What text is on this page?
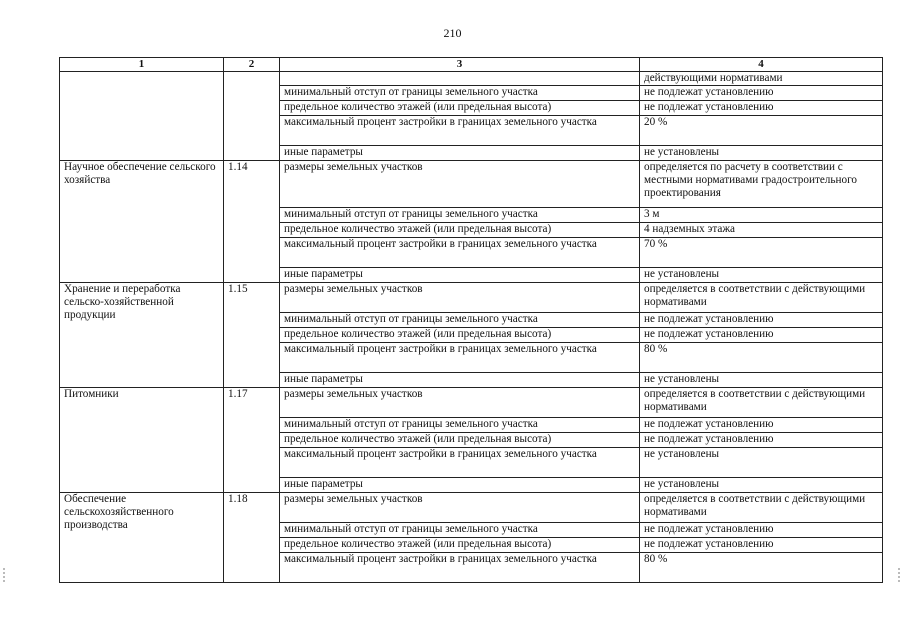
210
1	2	3	4
			действующими нормативами
		минимальный отступ от границы земельного участка	не подлежат установлению
		предельное количество этажей (или предельная высота)	не подлежат установлению
		максимальный процент застройки в границах земельного участка	20 %
		иные параметры	не установлены
Научное обеспечение сельского хозяйства	1.14	размеры земельных участков	определяется по расчету в соответствии с местными нормативами градостроительного проектирования
		минимальный отступ от границы земельного участка	3 м
		предельное количество этажей (или предельная высота)	4 надземных этажа
		максимальный процент застройки в границах земельного участка	70 %
		иные параметры	не установлены
Хранение и переработка сельско-хозяйственной продукции	1.15	размеры земельных участков	определяется в соответствии с действующими нормативами
		минимальный отступ от границы земельного участка	не подлежат установлению
		предельное количество этажей (или предельная высота)	не подлежат установлению
		максимальный процент застройки в границах земельного участка	80 %
		иные параметры	не установлены
Питомники	1.17	размеры земельных участков	определяется в соответствии с действующими нормативами
		минимальный отступ от границы земельного участка	не подлежат установлению
		предельное количество этажей (или предельная высота)	не подлежат установлению
		максимальный процент застройки в границах земельного участка	не установлены
		иные параметры	не установлены
Обеспечение сельскохозяйственного производства	1.18	размеры земельных участков	определяется в соответствии с действующими нормативами
		минимальный отступ от границы земельного участка	не подлежат установлению
		предельное количество этажей (или предельная высота)	не подлежат установлению
		максимальный процент застройки в границах земельного участка	80 %
